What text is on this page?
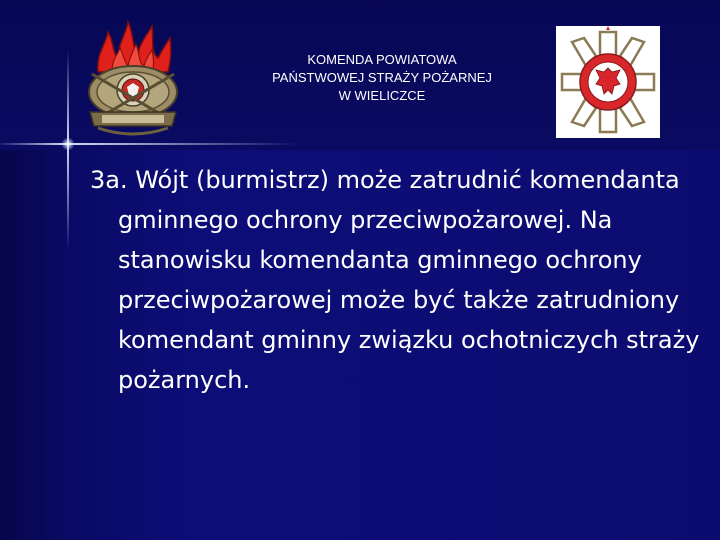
KOMENDA POWIATOWA
PAŃSTWOWEJ STRAŻY POŻARNEJ
W WIELICZCE
3a. Wójt (burmistrz) może zatrudnić komendanta gminnego ochrony przeciwpożarowej. Na stanowisku komendanta gminnego ochrony przeciwpożarowej może być także zatrudniony komendant gminny związku ochotniczych straży pożarnych.
